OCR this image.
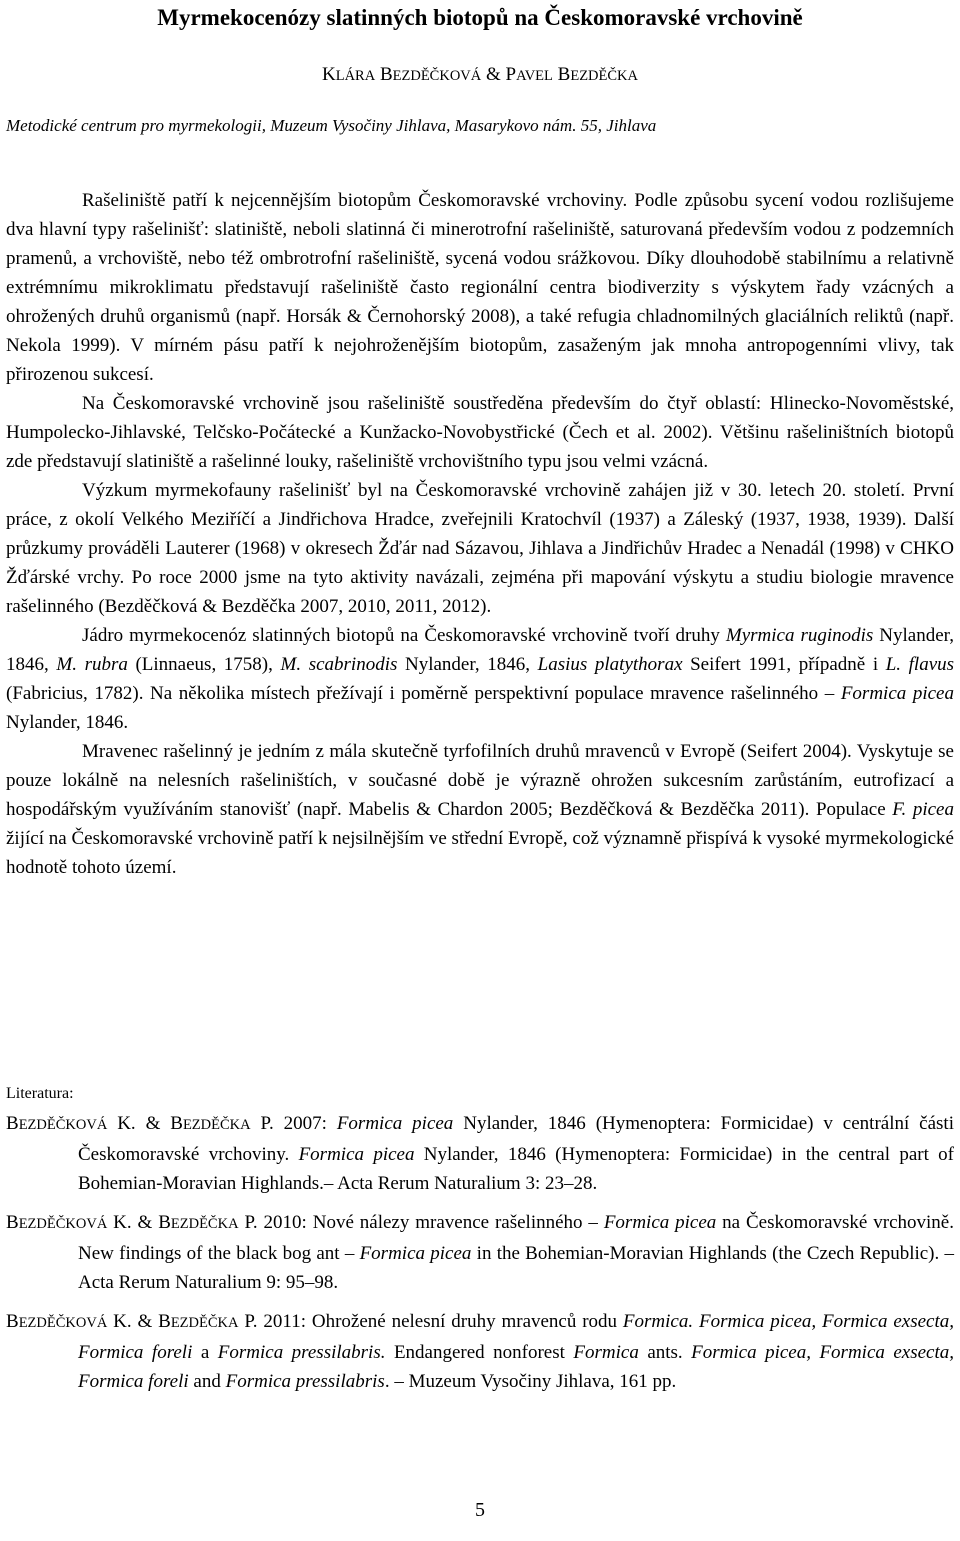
Myrmekocenózy slatinných biotopů na Českomoravské vrchovině
KLÁRA BEZDĚČKOVÁ & PAVEL BEZDĚČKA
Metodické centrum pro myrmekologii, Muzeum Vysočiny Jihlava, Masarykovo nám. 55, Jihlava

Rašeliniště patří k nejcennějším biotopům Českomoravské vrchoviny. Podle způsobu sycení vodou rozlišujeme dva hlavní typy rašelinišť: slatiniště, neboli slatinná či minerotrofní rašeliniště, saturovaná především vodou z podzemních pramenů, a vrchoviště, nebo též ombrotrofní rašeliniště, sycená vodou srážkovou. Díky dlouhodobě stabilnímu a relativně extrémnímu mikroklimatu představují rašeliniště často regionální centra biodiverzity s výskytem řady vzácných a ohrožených druhů organismů (např. Horsák & Černohorský 2008), a také refugia chladnomilných glaciálních reliktů (např. Nekola 1999). V mírném pásu patří k nejohroženějším biotopům, zasaženým jak mnoha antropogenními vlivy, tak přirozenou sukcesí.

Na Českomoravské vrchovině jsou rašeliniště soustředěna především do čtyř oblastí: Hlinecko-Novoměstské, Humpolecko-Jihlavské, Telčsko-Počátecké a Kunžacko-Novobystřické (Čech et al. 2002). Většinu rašeliništních biotopů zde představují slatiniště a rašelinné louky, rašeliniště vrchovištního typu jsou velmi vzácná.

Výzkum myrmekofauny rašelinišť byl na Českomoravské vrchovině zahájen již v 30. letech 20. století. První práce, z okolí Velkého Meziříčí a Jindřichova Hradce, zveřejnili Kratochvíl (1937) a Záleský (1937, 1938, 1939). Další průzkumy prováděli Lauterer (1968) v okresech Žďár nad Sázavou, Jihlava a Jindřichův Hradec a Nenadál (1998) v CHKO Žďárské vrchy. Po roce 2000 jsme na tyto aktivity navázali, zejména při mapování výskytu a studiu biologie mravence rašelinného (Bezděčková & Bezděčka 2007, 2010, 2011, 2012).

Jádro myrmekocenóz slatinných biotopů na Českomoravské vrchovině tvoří druhy Myrmica ruginodis Nylander, 1846, M. rubra (Linnaeus, 1758), M. scabrinodis Nylander, 1846, Lasius platythorax Seifert 1991, případně i L. flavus (Fabricius, 1782). Na několika místech přežívají i poměrně perspektivní populace mravence rašelinného – Formica picea Nylander, 1846.

Mravenec rašelinný je jedním z mála skutečně tyrfofilních druhů mravenců v Evropě (Seifert 2004). Vyskytuje se pouze lokálně na nelesních rašeliništích, v současné době je výrazně ohrožen sukcesním zarůstáním, eutrofizací a hospodářským využíváním stanovišť (např. Mabelis & Chardon 2005; Bezděčková & Bezděčka 2011). Populace F. picea žijící na Českomoravské vrchovině patří k nejsilnějším ve střední Evropě, což významně přispívá k vysoké myrmekologické hodnotě tohoto území.

Literatura:

BEZDĚČKOVÁ K. & BEZDĚČKA P. 2007: Formica picea Nylander, 1846 (Hymenoptera: Formicidae) v centrální části Českomoravské vrchoviny. Formica picea Nylander, 1846 (Hymenoptera: Formicidae) in the central part of Bohemian-Moravian Highlands.– Acta Rerum Naturalium 3: 23–28.

BEZDĚČKOVÁ K. & BEZDĚČKA P. 2010: Nové nálezy mravence rašelinného – Formica picea na Českomoravské vrchovině. New findings of the black bog ant – Formica picea in the Bohemian-Moravian Highlands (the Czech Republic). – Acta Rerum Naturalium 9: 95–98.

BEZDĚČKOVÁ K. & BEZDĚČKA P. 2011: Ohrožené nelesní druhy mravenců rodu Formica. Formica picea, Formica exsecta, Formica foreli a Formica pressilabris. Endangered nonforest Formica ants. Formica picea, Formica exsecta, Formica foreli and Formica pressilabris. – Muzeum Vysočiny Jihlava, 161 pp.

5
